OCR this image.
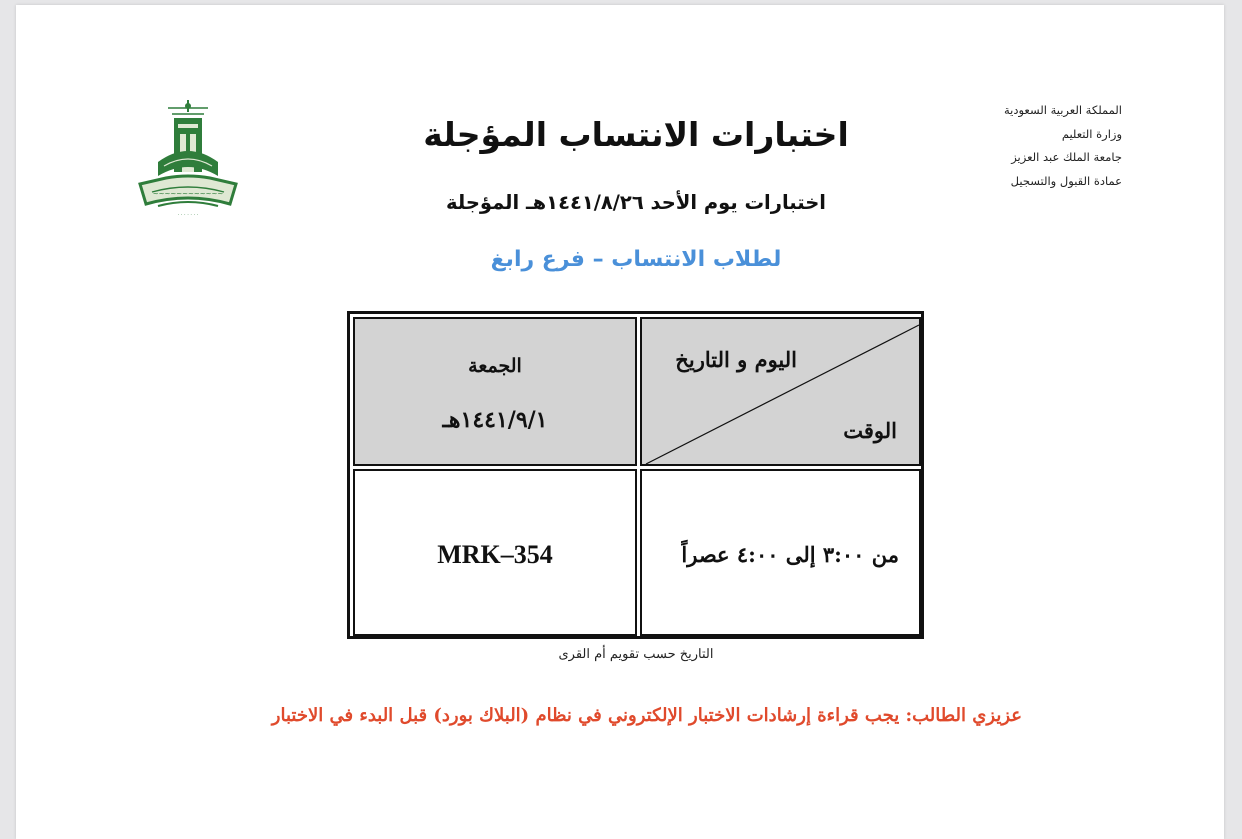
المملكة العربية السعودية
وزارة التعليم
جامعة الملك عبد العزيز
عمادة القبول والتسجيل
~~~~~~~~~~~~
· · · · · · ·
اختبارات الانتساب المؤجلة
اختبارات يوم الأحد ١٤٤١/٨/٢٦هـ المؤجلة
لطلاب الانتساب – فرع رابغ
اليوم و التاريخ
الوقت
الجمعة
١٤٤١/٩/١هـ
من ٣:٠٠ إلى ٤:٠٠ عصراً
MRK–354
التاريخ حسب تقويم أم القرى
عزيزي الطالب: يجب قراءة إرشادات الاختبار الإلكتروني في نظام (البلاك بورد) قبل البدء في الاختبار
